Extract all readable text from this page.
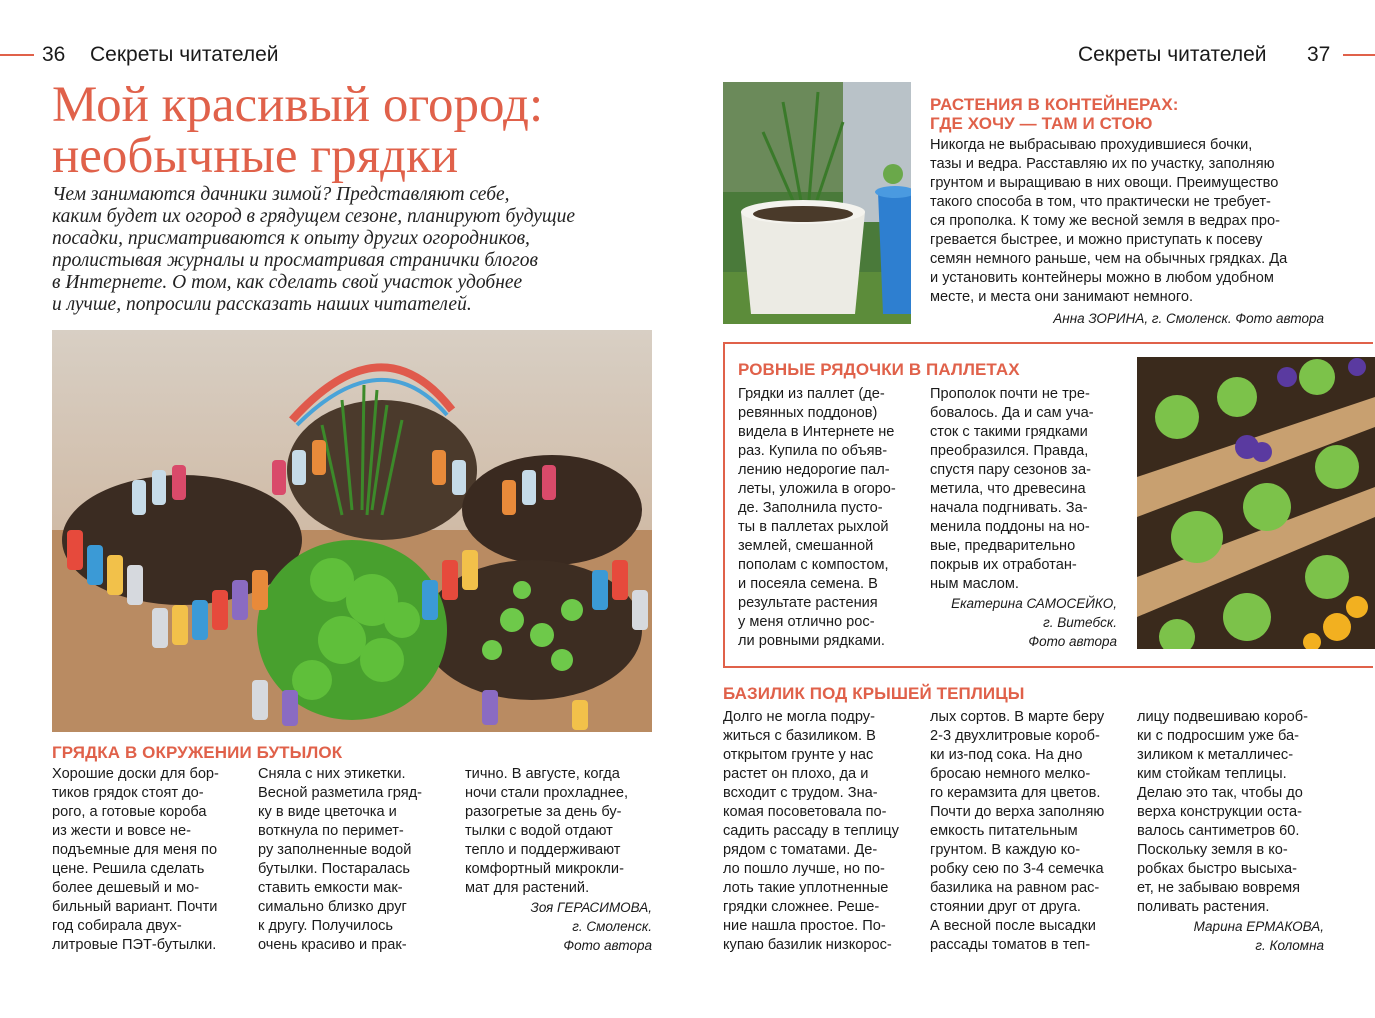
36 Секреты читателей	Секреты читателей 37
Мой красивый огород:
необычные грядки
Чем занимаются дачники зимой? Представляют себе,
каким будет их огород в грядущем сезоне, планируют будущие
посадки, присматриваются к опыту других огородников,
пролистывая журналы и просматривая странички блогов
в Интернете. О том, как сделать свой участок удобнее
и лучше, попросили рассказать наших читателей.
ГРЯДКА В ОКРУЖЕНИИ БУТЫЛОК
Хорошие доски для бор-
тиков грядок стоят до-
рого, а готовые короба
из жести и вовсе не-
подъемные для меня по
цене. Решила сделать
более дешевый и мо-
бильный вариант. Почти
год собирала двух-
литровые ПЭТ-бутылки.
Сняла с них этикетки.
Весной разметила гряд-
ку в виде цветочка и
воткнула по перимет-
ру заполненные водой
бутылки. Постаралась
ставить емкости мак-
симально близко друг
к другу. Получилось
очень красиво и прак-
тично. В августе, когда
ночи стали прохладнее,
разогретые за день бу-
тылки с водой отдают
тепло и поддерживают
комфортный микрокли-
мат для растений.
Зоя ГЕРАСИМОВА,
г. Смоленск.
Фото автора
РАСТЕНИЯ В КОНТЕЙНЕРАХ:
ГДЕ ХОЧУ — ТАМ И СТОЮ
Никогда не выбрасываю прохудившиеся бочки,
тазы и ведра. Расставляю их по участку, заполняю
грунтом и выращиваю в них овощи. Преимущество
такого способа в том, что практически не требует-
ся прополка. К тому же весной земля в ведрах про-
гревается быстрее, и можно приступать к посеву
семян немного раньше, чем на обычных грядках. Да
и установить контейнеры можно в любом удобном
месте, и места они занимают немного.
Анна ЗОРИНА, г. Смоленск. Фото автора
РОВНЫЕ РЯДОЧКИ В ПАЛЛЕТАХ
Грядки из паллет (де-
ревянных поддонов)
видела в Интернете не
раз. Купила по объяв-
лению недорогие пал-
леты, уложила в огоро-
де. Заполнила пусто-
ты в паллетах рыхлой
землей, смешанной
пополам с компостом,
и посеяла семена. В
результате растения
у меня отлично рос-
ли ровными рядками.
Прополок почти не тре-
бовалось. Да и сам уча-
сток с такими грядками
преобразился. Правда,
спустя пару сезонов за-
метила, что древесина
начала подгнивать. За-
менила поддоны на но-
вые, предварительно
покрыв их отработан-
ным маслом.
Екатерина САМОСЕЙКО,
г. Витебск.
Фото автора
БАЗИЛИК ПОД КРЫШЕЙ ТЕПЛИЦЫ
Долго не могла подру-
житься с базиликом. В
открытом грунте у нас
растет он плохо, да и
всходит с трудом. Зна-
комая посоветовала по-
садить рассаду в теплицу
рядом с томатами. Де-
ло пошло лучше, но по-
лоть такие уплотненные
грядки сложнее. Реше-
ние нашла простое. По-
купаю базилик низкорос-
лых сортов. В марте беру
2-3 двухлитровые короб-
ки из-под сока. На дно
бросаю немного мелко-
го керамзита для цветов.
Почти до верха заполняю
емкость питательным
грунтом. В каждую ко-
робку сею по 3-4 семечка
базилика на равном рас-
стоянии друг от друга.
А весной после высадки
рассады томатов в теп-
лицу подвешиваю короб-
ки с подросшим уже ба-
зиликом к металличес-
ким стойкам теплицы.
Делаю это так, чтобы до
верха конструкции оста-
валось сантиметров 60.
Поскольку земля в ко-
робках быстро высыха-
ет, не забываю вовремя
поливать растения.
Марина ЕРМАКОВА,
г. Коломна
